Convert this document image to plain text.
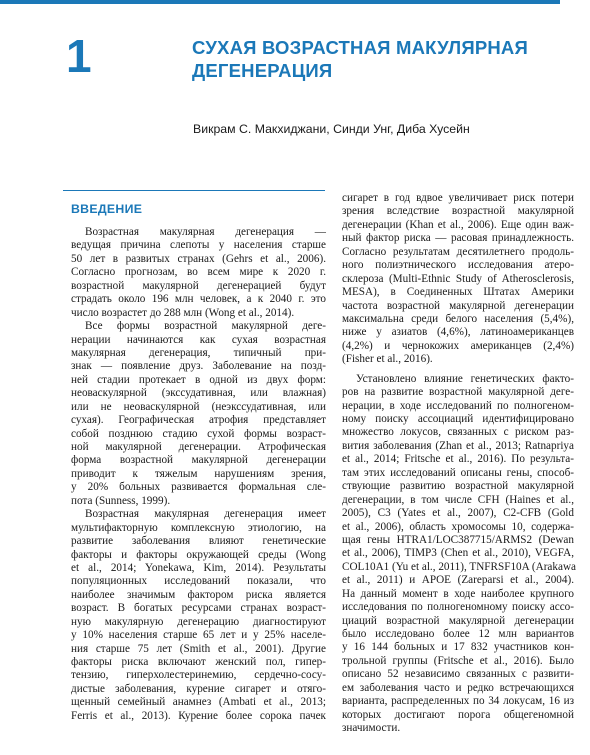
1	СУХАЯ ВОЗРАСТНАЯ МАКУЛЯРНАЯ
ДЕГЕНЕРАЦИЯ
Викрам С. Макхиджани, Синди Унг, Диба Хусейн
ВВЕДЕНИЕ
Возрастная макулярная дегенерация —
ведущая причина слепоты у населения старше
50 лет в развитых странах (Gehrs et al., 2006).
Согласно прогнозам, во всем мире к 2020 г.
возрастной макулярной дегенерацией будут
страдать около 196 млн человек, а к 2040 г. это
число возрастет до 288 млн (Wong et al., 2014).
Все формы возрастной макулярной деге-
нерации начинаются как сухая возрастная
макулярная дегенерация, типичный при-
знак — появление друз. Заболевание на позд-
ней стадии протекает в одной из двух форм:
неоваскулярной (экссудативная, или влажная)
или не неоваскулярной (неэкссудативная, или
сухая). Географическая атрофия представляет
собой позднюю стадию сухой формы возраст-
ной макулярной дегенерации. Атрофическая
форма возрастной макулярной дегенерации
приводит к тяжелым нарушениям зрения,
у 20% больных развивается формальная сле-
пота (Sunness, 1999).
Возрастная макулярная дегенерация имеет
мультифакторную комплексную этиологию, на
развитие заболевания влияют генетические
факторы и факторы окружающей среды (Wong
et al., 2014; Yonekawa, Kim, 2014). Результаты
популяционных исследований показали, что
наиболее значимым фактором риска является
возраст. В богатых ресурсами странах возраст-
ную макулярную дегенерацию диагностируют
у 10% населения старше 65 лет и у 25% населе-
ния старше 75 лет (Smith et al., 2001). Другие
факторы риска включают женский пол, гипер-
тензию, гиперхолестеринемию, сердечно-сосу-
дистые заболевания, курение сигарет и отяго-
щенный семейный анамнез (Ambati et al., 2013;
Ferris et al., 2013). Курение более сорока пачек
сигарет в год вдвое увеличивает риск потери
зрения вследствие возрастной макулярной
дегенерации (Khan et al., 2006). Еще один важ-
ный фактор риска — расовая принадлежность.
Согласно результатам десятилетнего продоль-
ного полиэтнического исследования атеро-
склероза (Multi-Ethnic Study of Atherosclerosis,
MESA), в Соединенных Штатах Америки
частота возрастной макулярной дегенерации
максимальна среди белого населения (5,4%),
ниже у азиатов (4,6%), латиноамериканцев
(4,2%) и чернокожих американцев (2,4%)
(Fisher et al., 2016).
Установлено влияние генетических факто-
ров на развитие возрастной макулярной деге-
нерации, в ходе исследований по полногеном-
ному поиску ассоциаций идентифицировано
множество локусов, связанных с риском раз-
вития заболевания (Zhan et al., 2013; Ratnapriya
et al., 2014; Fritsche et al., 2016). По результа-
там этих исследований описаны гены, способ-
ствующие развитию возрастной макулярной
дегенерации, в том числе CFH (Haines et al.,
2005), C3 (Yates et al., 2007), C2-CFB (Gold
et al., 2006), область хромосомы 10, содержа-
щая гены HTRA1/LOC387715/ARMS2 (Dewan
et al., 2006), TIMP3 (Chen et al., 2010), VEGFA,
COL10A1 (Yu et al., 2011), TNFRSF10A (Arakawa
et al., 2011) и APOE (Zareparsi et al., 2004).
На данный момент в ходе наиболее крупного
исследования по полногеномному поиску ассо-
циаций возрастной макулярной дегенерации
было исследовано более 12 млн вариантов
у 16 144 больных и 17 832 участников кон-
трольной группы (Fritsche et al., 2016). Было
описано 52 независимо связанных с развити-
ем заболевания часто и редко встречающихся
варианта, распределенных по 34 локусам, 16 из
которых достигают порога общегеномной
значимости.
